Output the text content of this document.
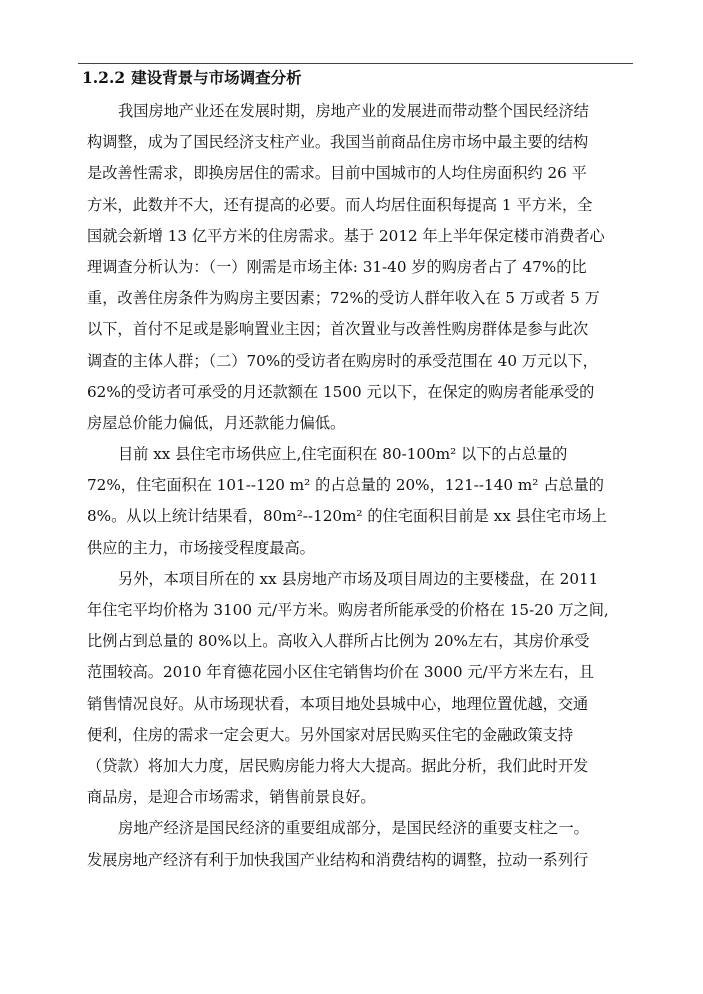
1.2.2 建设背景与市场调查分析
我国房地产业还在发展时期，房地产业的发展进而带动整个国民经济结
构调整，成为了国民经济支柱产业。我国当前商品住房市场中最主要的结构
是改善性需求，即换房居住的需求。目前中国城市的人均住房面积约 26 平
方米，此数并不大，还有提高的必要。而人均居住面积每提高 1 平方米，全
国就会新增 13 亿平方米的住房需求。基于 2012 年上半年保定楼市消费者心
理调查分析认为：（一）刚需是市场主体: 31-40 岁的购房者占了 47%的比
重，改善住房条件为购房主要因素；72%的受访人群年收入在 5 万或者 5 万
以下，首付不足或是影响置业主因；首次置业与改善性购房群体是参与此次
调查的主体人群；（二）70%的受访者在购房时的承受范围在 40 万元以下，
62%的受访者可承受的月还款额在 1500 元以下，在保定的购房者能承受的
房屋总价能力偏低，月还款能力偏低。
目前 xx 县住宅市场供应上,住宅面积在 80-100m² 以下的占总量的
72%，住宅面积在 101--120 m² 的占总量的 20%，121--140 m² 占总量的
8%。从以上统计结果看，80m²--120m² 的住宅面积目前是 xx 县住宅市场上
供应的主力，市场接受程度最高。
另外，本项目所在的 xx 县房地产市场及项目周边的主要楼盘，在 2011
年住宅平均价格为 3100 元/平方米。购房者所能承受的价格在 15-20 万之间,
比例占到总量的 80%以上。高收入人群所占比例为 20%左右，其房价承受
范围较高。2010 年育德花园小区住宅销售均价在 3000 元/平方米左右，且
销售情况良好。从市场现状看，本项目地处县城中心，地理位置优越，交通
便利，住房的需求一定会更大。另外国家对居民购买住宅的金融政策支持
（贷款）将加大力度，居民购房能力将大大提高。据此分析，我们此时开发
商品房，是迎合市场需求，销售前景良好。
房地产经济是国民经济的重要组成部分，是国民经济的重要支柱之一。
发展房地产经济有利于加快我国产业结构和消费结构的调整，拉动一系列行
